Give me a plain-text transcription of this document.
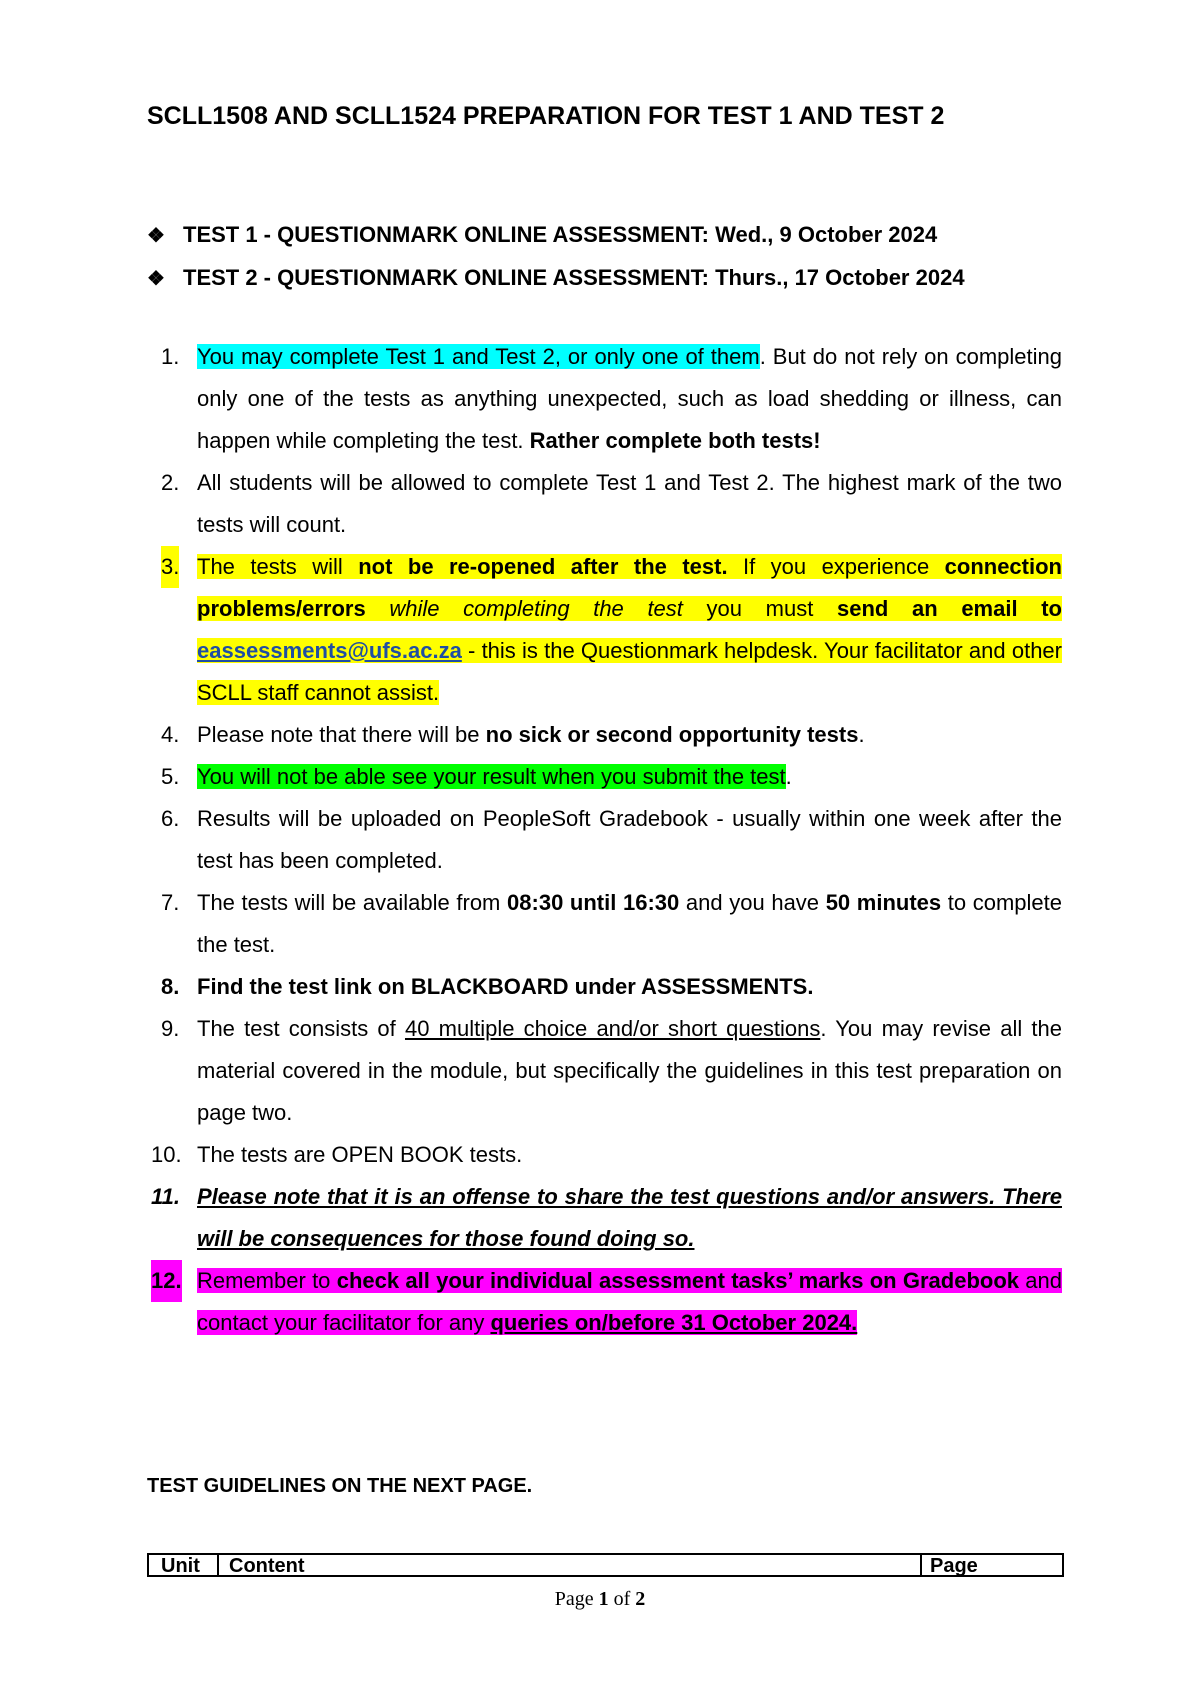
SCLL1508 AND SCLL1524 PREPARATION FOR TEST 1 AND TEST 2
❖ TEST 1 - QUESTIONMARK ONLINE ASSESSMENT: Wed., 9 October 2024
❖ TEST 2 - QUESTIONMARK ONLINE ASSESSMENT: Thurs., 17 October 2024
1. You may complete Test 1 and Test 2, or only one of them. But do not rely on completing only one of the tests as anything unexpected, such as load shedding or illness, can happen while completing the test. Rather complete both tests!
2. All students will be allowed to complete Test 1 and Test 2. The highest mark of the two tests will count.
3. The tests will not be re-opened after the test. If you experience connection problems/errors while completing the test you must send an email to eassessments@ufs.ac.za - this is the Questionmark helpdesk. Your facilitator and other SCLL staff cannot assist.
4. Please note that there will be no sick or second opportunity tests.
5. You will not be able see your result when you submit the test.
6. Results will be uploaded on PeopleSoft Gradebook - usually within one week after the test has been completed.
7. The tests will be available from 08:30 until 16:30 and you have 50 minutes to complete the test.
8. Find the test link on BLACKBOARD under ASSESSMENTS.
9. The test consists of 40 multiple choice and/or short questions. You may revise all the material covered in the module, but specifically the guidelines in this test preparation on page two.
10. The tests are OPEN BOOK tests.
11. Please note that it is an offense to share the test questions and/or answers. There will be consequences for those found doing so.
12. Remember to check all your individual assessment tasks’ marks on Gradebook and contact your facilitator for any queries on/before 31 October 2024.
TEST GUIDELINES ON THE NEXT PAGE.
Unit	Content	Page
Page 1 of 2
